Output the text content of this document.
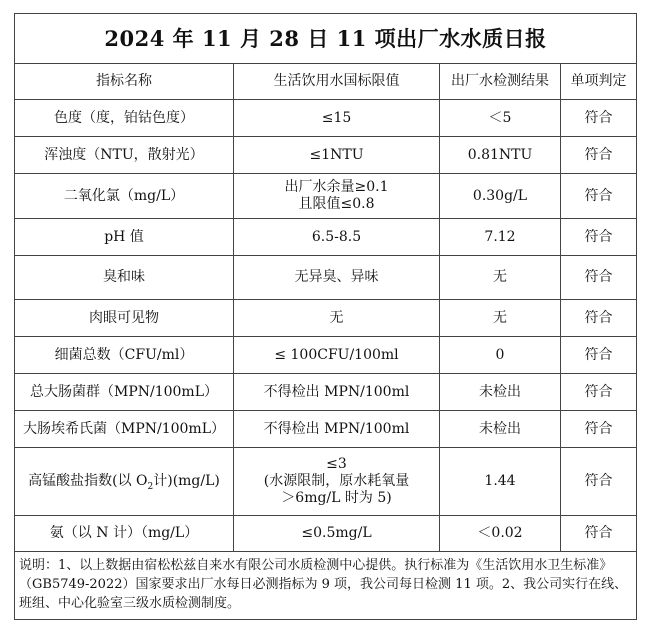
2024 年 11 月 28 日 11 项出厂水水质日报			
指标名称	生活饮用水国标限值	出厂水检测结果	单项判定
色度（度，铂钴色度）	≤15	＜5	符合
浑浊度（NTU，散射光）	≤1NTU	0.81NTU	符合
二氧化氯（mg/L）	出厂水余量≥0.1
且限值≤0.8	0.30g/L	符合
pH 值	6.5-8.5	7.12	符合
臭和味	无异臭、异味	无	符合
肉眼可见物	无	无	符合
细菌总数（CFU/ml）	≤ 100CFU/100ml	0	符合
总大肠菌群（MPN/100mL）	不得检出 MPN/100ml	未检出	符合
大肠埃希氏菌（MPN/100mL）	不得检出 MPN/100ml	未检出	符合
高锰酸盐指数(以 $O_2$计)(mg/L)	≤3
(水源限制，原水耗氧量
＞6mg/L 时为 5)	1.44	符合
氨（以 N 计）（mg/L）	≤0.5mg/L	＜0.02	符合
说明：1、以上数据由宿松松兹自来水有限公司水质检测中心提供。执行标准为《生活饮用水卫生标准》（GB5749-2022）国家要求出厂水每日必测指标为 9 项，我公司每日检测 11 项。2、我公司实行在线、班组、中心化验室三级水质检测制度。			
